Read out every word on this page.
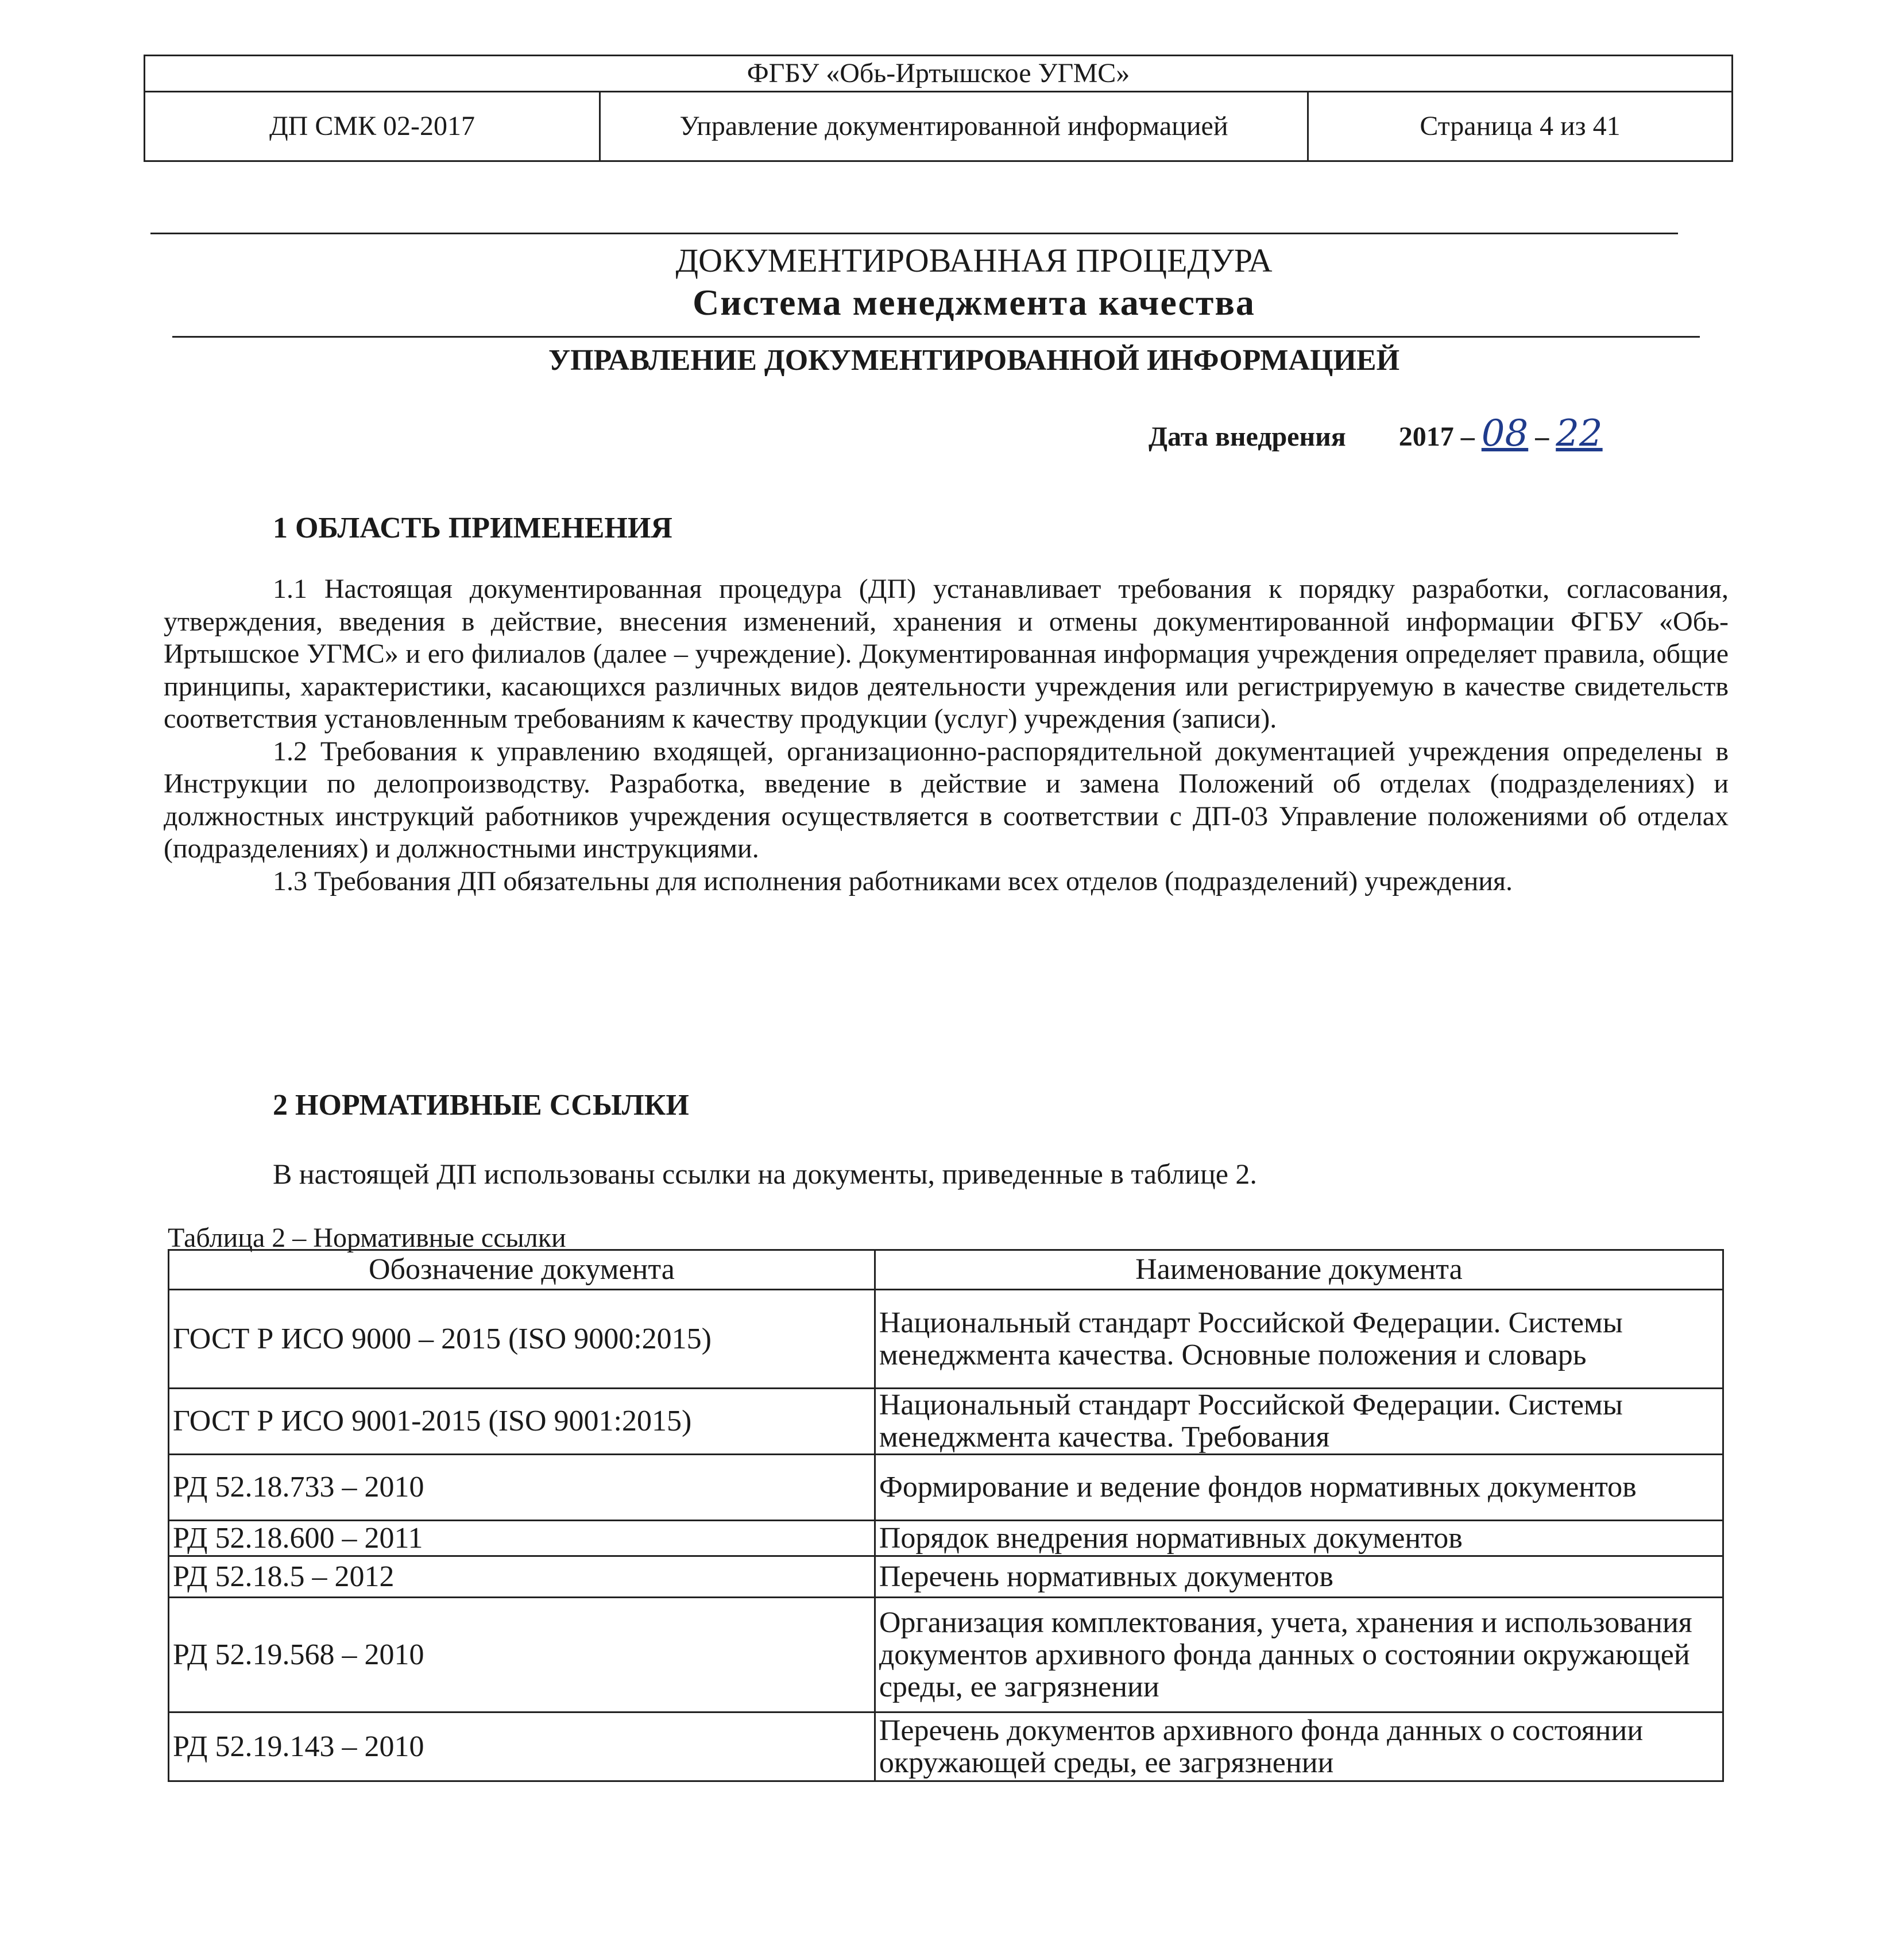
ФГБУ «Обь-Иртышское УГМС»
ДП СМК 02-2017	Управление документированной информацией	Страница 4 из 41
ДОКУМЕНТИРОВАННАЯ ПРОЦЕДУРА
Система менеджмента качества
УПРАВЛЕНИЕ ДОКУМЕНТИРОВАННОЙ ИНФОРМАЦИЕЙ
Дата внедрения 2017 – 08 – 22
1 ОБЛАСТЬ ПРИМЕНЕНИЯ

1.1 Настоящая документированная процедура (ДП) устанавливает требования к порядку разработки, согласования, утверждения, введения в действие, внесения изменений, хранения и отмены документированной информации ФГБУ «Обь-Иртышское УГМС» и его филиалов (далее – учреждение). Документированная информация учреждения определяет правила, общие принципы, характеристики, касающихся различных видов деятельности учреждения или регистрируемую в качестве свидетельств соответствия установленным требованиям к качеству продукции (услуг) учреждения (записи).

1.2 Требования к управлению входящей, организационно-распорядительной документацией учреждения определены в Инструкции по делопроизводству. Разработка, введение в действие и замена Положений об отделах (подразделениях) и должностных инструкций работников учреждения осуществляется в соответствии с ДП-03 Управление положениями об отделах (подразделениях) и должностными инструкциями.

1.3 Требования ДП обязательны для исполнения работниками всех отделов (подразделений) учреждения.

2 НОРМАТИВНЫЕ ССЫЛКИ
В настоящей ДП использованы ссылки на документы, приведенные в таблице 2.
Таблица 2 – Нормативные ссылки
Обозначение документа	Наименование документа
ГОСТ Р ИСО 9000 – 2015 (ISO 9000:2015)	Национальный стандарт Российской Федерации. Системы менеджмента качества. Основные положения и словарь
ГОСТ Р ИСО 9001-2015 (ISO 9001:2015)	Национальный стандарт Российской Федерации. Системы менеджмента качества. Требования
РД 52.18.733 – 2010	Формирование и ведение фондов нормативных документов
РД 52.18.600 – 2011	Порядок внедрения нормативных документов
РД 52.18.5 – 2012	Перечень нормативных документов
РД 52.19.568 – 2010	Организация комплектования, учета, хранения и использования документов архивного фонда данных о состоянии окружающей среды, ее загрязнении
РД 52.19.143 – 2010	Перечень документов архивного фонда данных о состоянии окружающей среды, ее загрязнении
